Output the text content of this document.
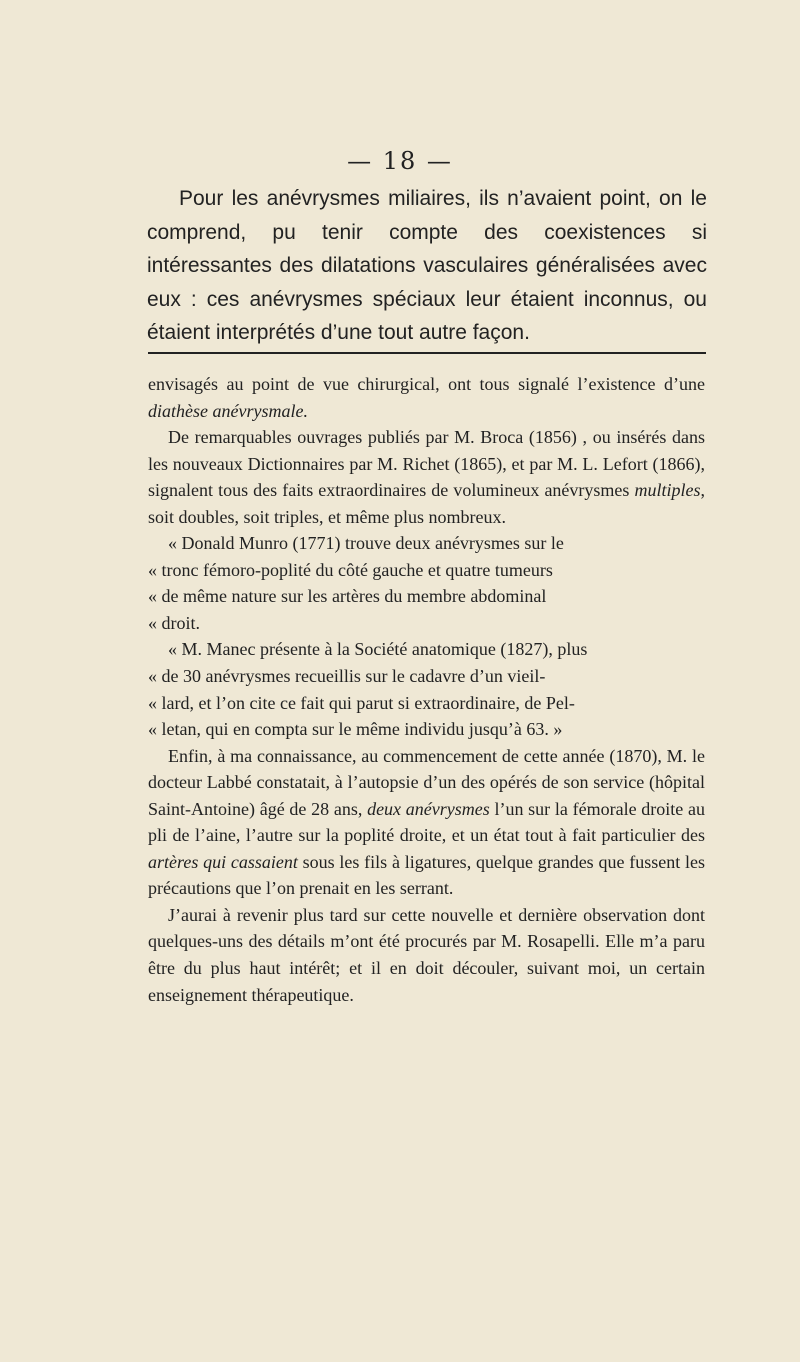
— 18 —

Pour les anévrysmes miliaires, ils n’avaient point, on le comprend, pu tenir compte des coexistences si intéressantes des dilatations vasculaires généralisées avec eux : ces anévrysmes spéciaux leur étaient inconnus, ou étaient interprétés d’une tout autre façon.

envisagés au point de vue chirurgical, ont tous signalé l’existence d’une diathèse anévrysmale.

De remarquables ouvrages publiés par M. Broca (1856) , ou insérés dans les nouveaux Dictionnaires par M. Richet (1865), et par M. L. Lefort (1866), signalent tous des faits extraordinaires de volumineux anévrysmes multiples, soit doubles, soit triples, et même plus nombreux.

« Donald Munro (1771) trouve deux anévrysmes sur le

« tronc fémoro-poplité du côté gauche et quatre tumeurs

« de même nature sur les artères du membre abdominal

« droit.

« M. Manec présente à la Société anatomique (1827), plus

« de 30 anévrysmes recueillis sur le cadavre d’un vieil-

« lard, et l’on cite ce fait qui parut si extraordinaire, de Pel-

« letan, qui en compta sur le même individu jusqu’à 63. »

Enfin, à ma connaissance, au commencement de cette année (1870), M. le docteur Labbé constatait, à l’autopsie d’un des opérés de son service (hôpital Saint-Antoine) âgé de 28 ans, deux anévrysmes l’un sur la fémorale droite au pli de l’aine, l’autre sur la poplité droite, et un état tout à fait particulier des artères qui cassaient sous les fils à ligatures, quelque grandes que fussent les précautions que l’on prenait en les serrant.

J’aurai à revenir plus tard sur cette nouvelle et dernière observation dont quelques-uns des détails m’ont été procurés par M. Rosapelli. Elle m’a paru être du plus haut intérêt; et il en doit découler, suivant moi, un certain enseignement thérapeutique.
